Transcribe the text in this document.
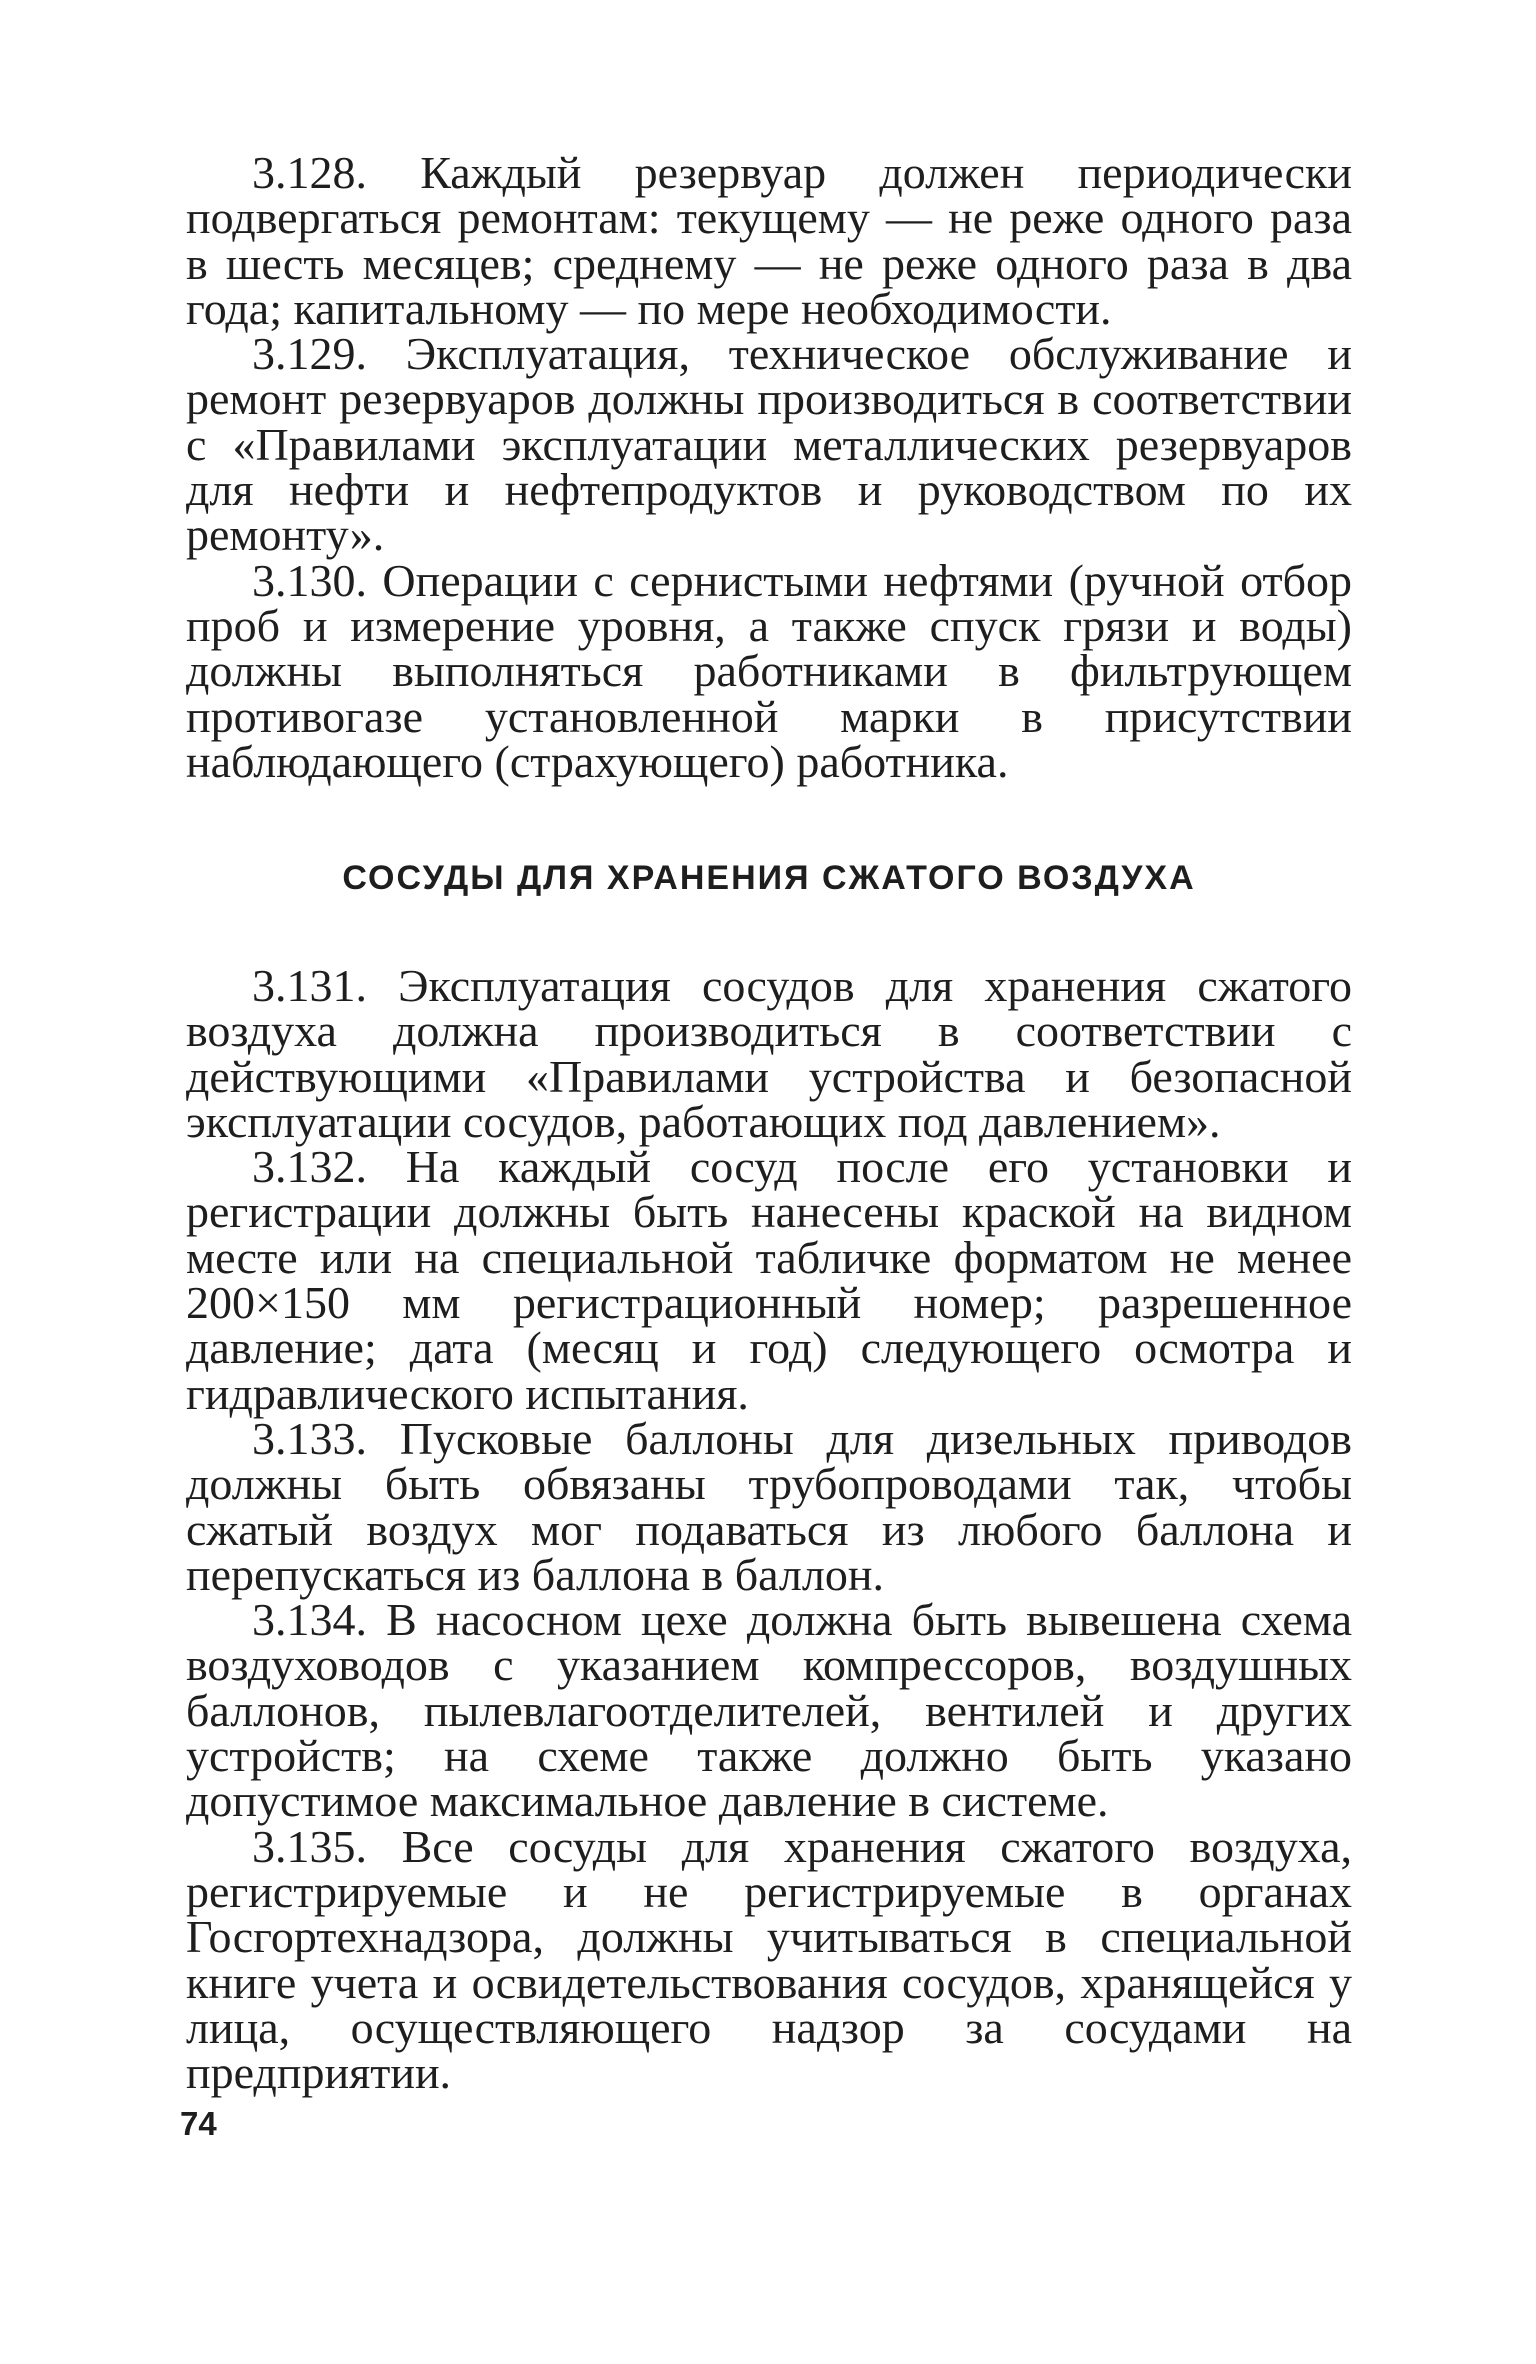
3.128. Каждый резервуар должен периодически подвергаться ремонтам: текущему — не реже одного раза в шесть месяцев; среднему — не реже одного раза в два года; капитальному — по мере необходимости.

3.129. Эксплуатация, техническое обслуживание и ремонт резервуаров должны производиться в соответствии с «Правилами эксплуатации металлических резервуаров для нефти и нефтепродуктов и руководством по их ремонту».

3.130. Операции с сернистыми нефтями (ручной отбор проб и измерение уровня, а также спуск грязи и воды) должны выполняться работниками в фильтрующем противогазе установленной марки в присутствии наблюдающего (страхующего) работника.

СОСУДЫ ДЛЯ ХРАНЕНИЯ СЖАТОГО ВОЗДУХА

3.131. Эксплуатация сосудов для хранения сжатого воздуха должна производиться в соответствии с действующими «Правилами устройства и безопасной эксплуатации сосудов, работающих под давлением».

3.132. На каждый сосуд после его установки и регистрации должны быть нанесены краской на видном месте или на специальной табличке форматом не менее 200×150 мм регистрационный номер; разрешенное давление; дата (месяц и год) следующего осмотра и гидравлического испытания.

3.133. Пусковые баллоны для дизельных приводов должны быть обвязаны трубопроводами так, чтобы сжатый воздух мог подаваться из любого баллона и перепускаться из баллона в баллон.

3.134. В насосном цехе должна быть вывешена схема воздуховодов с указанием компрессоров, воздушных баллонов, пылевлагоотделителей, вентилей и других устройств; на схеме также должно быть указано допустимое максимальное давление в системе.

3.135. Все сосуды для хранения сжатого воздуха, регистрируемые и не регистрируемые в органах Госгортехнадзора, должны учитываться в специальной книге учета и освидетельствования сосудов, хранящейся у лица, осуществляющего надзор за сосудами на предприятии.

74
